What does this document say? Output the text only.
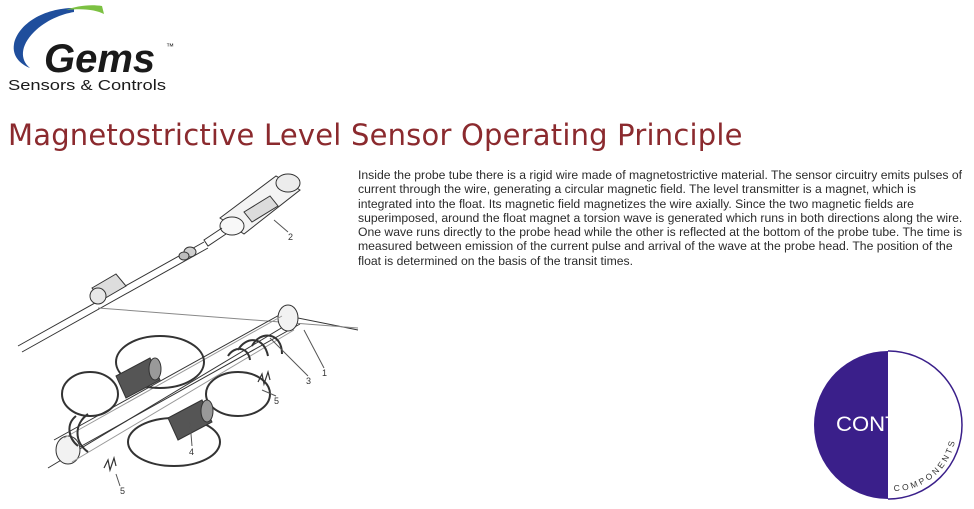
Gems ™
Sensors & Controls
Magnetostrictive Level Sensor Operating Principle

Inside the probe tube there is a rigid wire made of magnetostrictive material. The sensor circuitry emits pulses of current through the wire, generating a circular magnetic field. The level transmitter is a magnet, which is integrated into the float. Its magnetic field magnetizes the wire axially. Since the two magnetic fields are superimposed, around the float magnet a torsion wave is generated which runs in both directions along the wire. One wave runs directly to the probe head while the other is reflected at the bottom of the probe tube. The time is measured between emission of the current pulse and arrival of the wave at the probe head. The position of the float is determined on the basis of the transit times.

2
1
3
5
4
5
CONTROL
COMPONENTS
